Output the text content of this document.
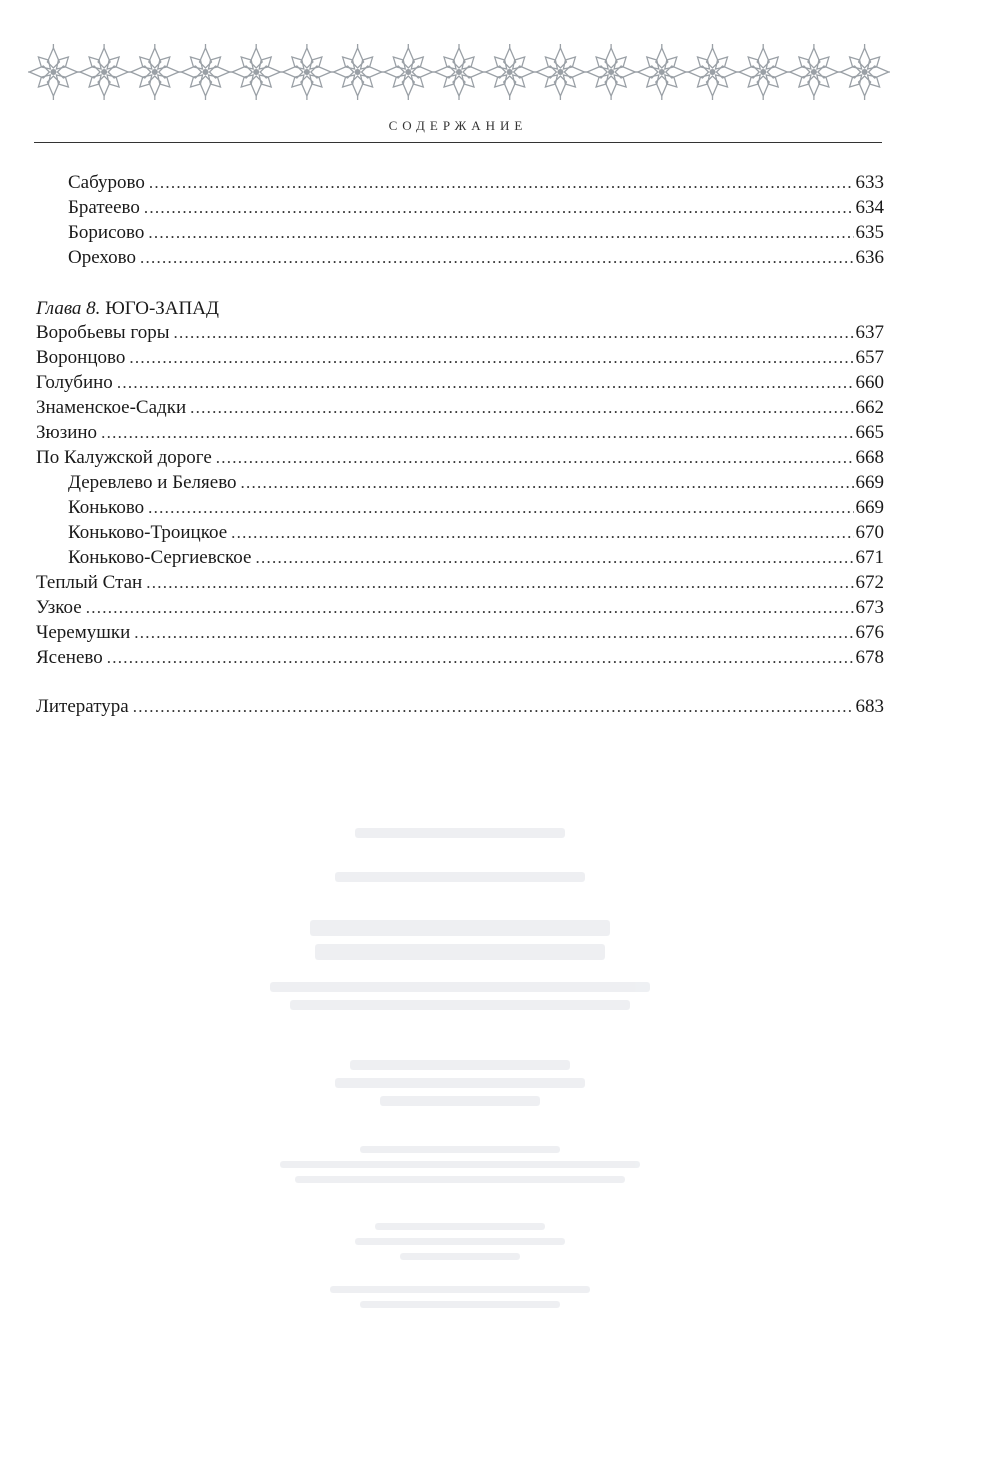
СОДЕРЖАНИЕ
Сабурово . . .	633
Братеево . . .	634
Борисово . . .	635
Орехово . . .	636
Глава 8. ЮГО-ЗАПАД
Воробьевы горы . . .	637
Воронцово . . .	657
Голубино . . .	660
Знаменское-Садки . . .	662
Зюзино . . .	665
По Калужской дороге . . .	668
Деревлево и Беляево . . .	669
Коньково . . .	669
Коньково-Троицкое . . .	670
Коньково-Сергиевское . . .	671
Теплый Стан . . .	672
Узкое . . .	673
Черемушки . . .	676
Ясенево . . .	678
Литература . . .	683
